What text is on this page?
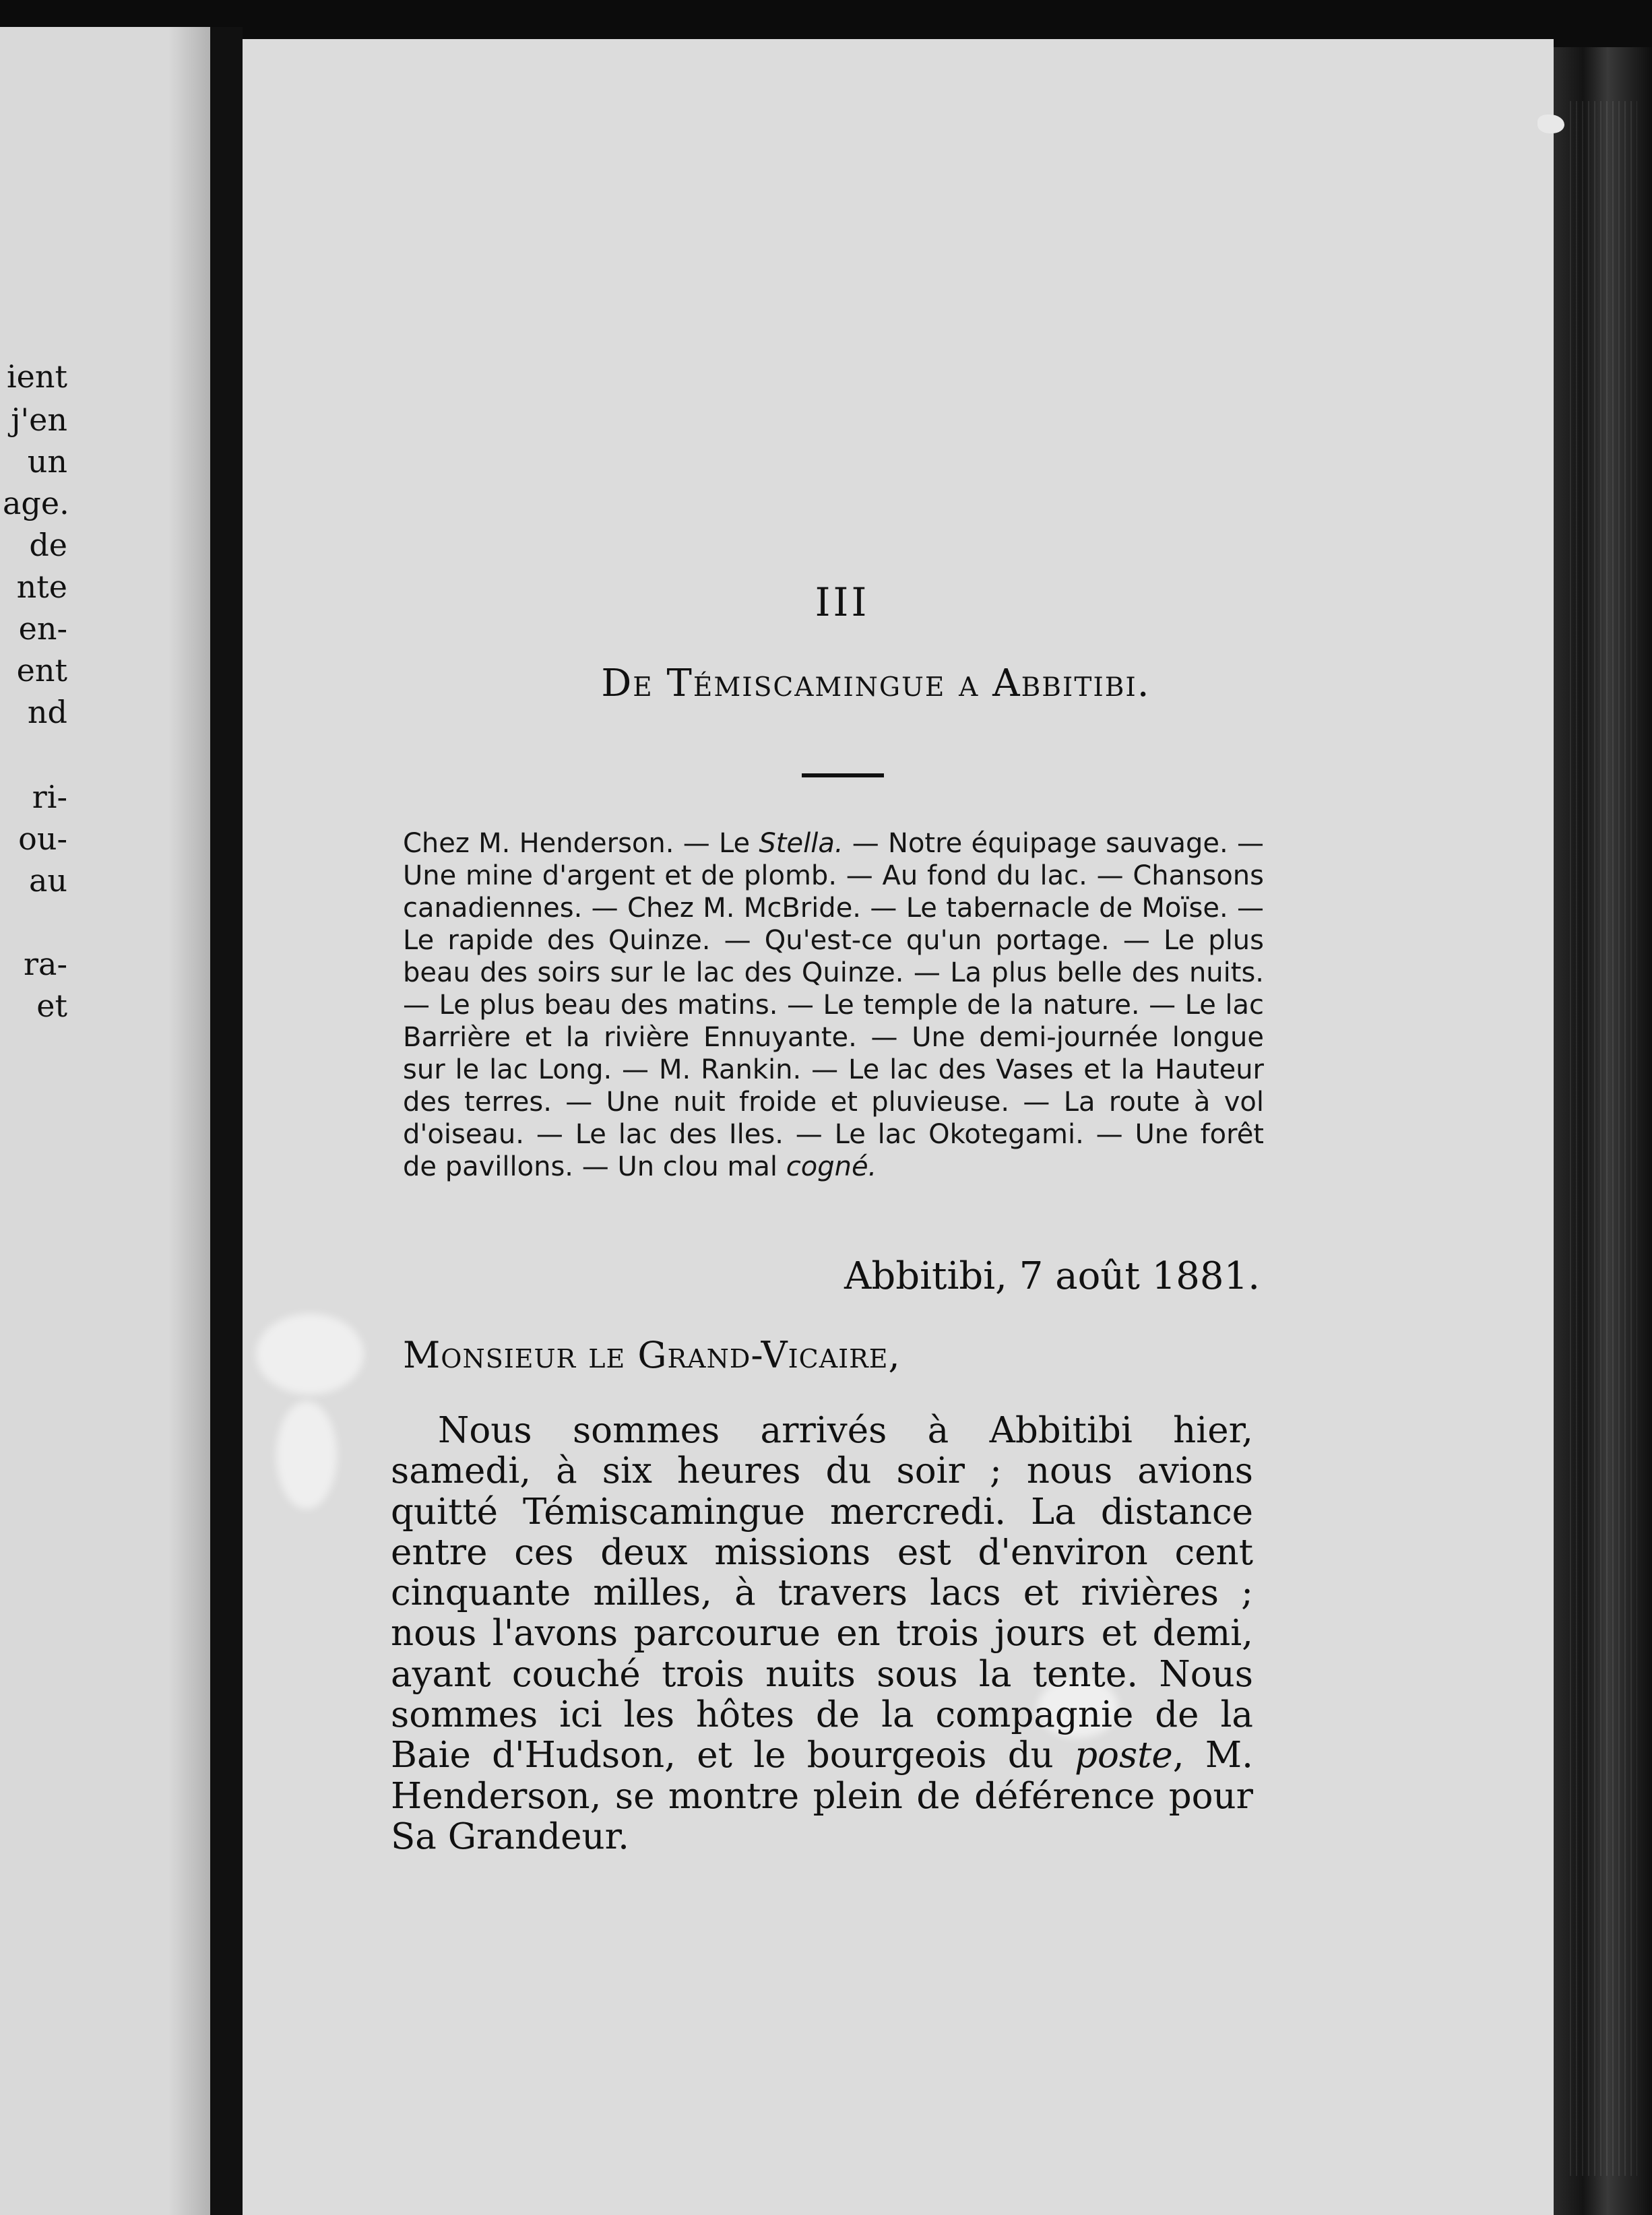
ient
j'en
un
age.
de
nte
en-
ent
nd
ri-
ou-
au
ra-
et
III
De Témiscamingue a Abbitibi.

Chez M. Henderson. — Le Stella. — Notre équipage sauvage. — Une mine d'argent et de plomb. — Au fond du lac. — Chansons canadiennes. — Chez M. McBride. — Le tabernacle de Moïse. — Le rapide des Quinze. — Qu'est-ce qu'un portage. — Le plus beau des soirs sur le lac des Quinze. — La plus belle des nuits. — Le plus beau des matins. — Le temple de la nature. — Le lac Barrière et la rivière Ennuyante. — Une demi-journée longue sur le lac Long. — M. Rankin. — Le lac des Vases et la Hauteur des terres. — Une nuit froide et pluvieuse. — La route à vol d'oiseau. — Le lac des Iles. — Le lac Okotegami. — Une forêt de pavillons. — Un clou mal cogné.

Abbitibi, 7 août 1881.
Monsieur le Grand-Vicaire,

Nous sommes arrivés à Abbitibi hier, samedi, à six heures du soir ; nous avions quitté Témiscamingue mercredi. La distance entre ces deux missions est d'environ cent cinquante milles, à travers lacs et rivières ; nous l'avons parcourue en trois jours et demi, ayant couché trois nuits sous la tente. Nous sommes ici les hôtes de la compagnie de la Baie d'Hudson, et le bourgeois du poste, M. Henderson, se montre plein de déférence pour Sa Grandeur.
